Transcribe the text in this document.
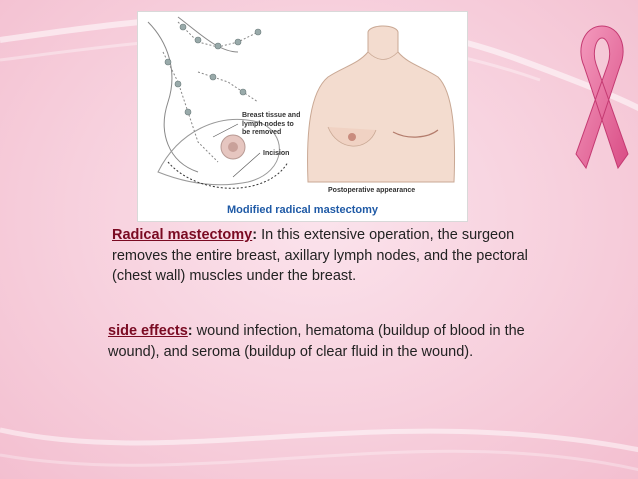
Breast tissue and lymph nodes to be removed
Incision
Postoperative appearance
Modified radical mastectomy
Radical mastectomy: In this extensive operation, the surgeon removes the entire breast, axillary lymph nodes, and the pectoral (chest wall) muscles under the breast.
side effects: wound infection, hematoma (buildup of blood in the wound), and seroma (buildup of clear fluid in the wound).
